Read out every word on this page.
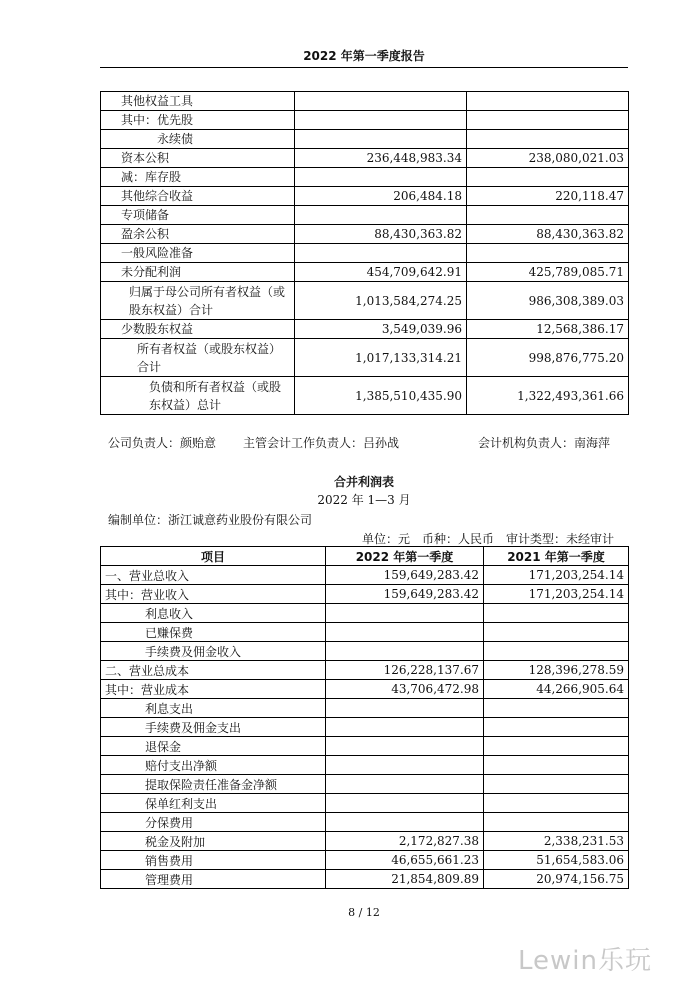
2022 年第一季度报告
其他权益工具		
其中：优先股		
永续债		
资本公积	236,448,983.34	238,080,021.03
减：库存股		
其他综合收益	206,484.18	220,118.47
专项储备		
盈余公积	88,430,363.82	88,430,363.82
一般风险准备		
未分配利润	454,709,642.91	425,789,085.71
归属于母公司所有者权益（或股东权益）合计	1,013,584,274.25	986,308,389.03
少数股东权益	3,549,039.96	12,568,386.17
所有者权益（或股东权益）合计	1,017,133,314.21	998,876,775.20
负债和所有者权益（或股东权益）总计	1,385,510,435.90	1,322,493,361.66
公司负责人：颜贻意 主管会计工作负责人：吕孙战	会计机构负责人：南海萍
合并利润表
2022 年 1—3 月
编制单位：浙江诚意药业股份有限公司
单位：元　币种：人民币　审计类型：未经审计
项目	2022 年第一季度	2021 年第一季度
一、营业总收入	159,649,283.42	171,203,254.14
其中：营业收入	159,649,283.42	171,203,254.14
利息收入		
已赚保费		
手续费及佣金收入		
二、营业总成本	126,228,137.67	128,396,278.59
其中：营业成本	43,706,472.98	44,266,905.64
利息支出		
手续费及佣金支出		
退保金		
赔付支出净额		
提取保险责任准备金净额		
保单红利支出		
分保费用		
税金及附加	2,172,827.38	2,338,231.53
销售费用	46,655,661.23	51,654,583.06
管理费用	21,854,809.89	20,974,156.75
8 / 12
Lewin乐玩
